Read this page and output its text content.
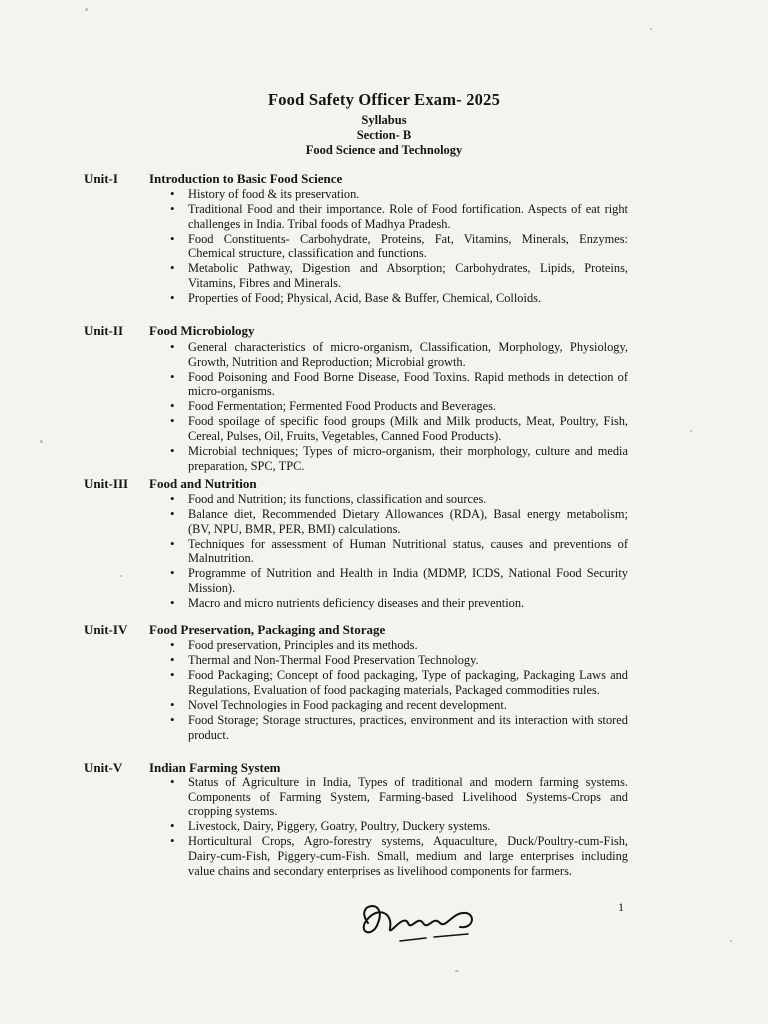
Food Safety Officer Exam- 2025
Syllabus
Section- B
Food Science and Technology
Unit-I Introduction to Basic Food Science
• History of food & its preservation.
• Traditional Food and their importance. Role of Food fortification. Aspects of eat right challenges in India. Tribal foods of Madhya Pradesh.
• Food Constituents- Carbohydrate, Proteins, Fat, Vitamins, Minerals, Enzymes: Chemical structure, classification and functions.
• Metabolic Pathway, Digestion and Absorption; Carbohydrates, Lipids, Proteins, Vitamins, Fibres and Minerals.
• Properties of Food; Physical, Acid, Base & Buffer, Chemical, Colloids.
Unit-II Food Microbiology
• General characteristics of micro-organism, Classification, Morphology, Physiology, Growth, Nutrition and Reproduction; Microbial growth.
• Food Poisoning and Food Borne Disease, Food Toxins. Rapid methods in detection of micro-organisms.
• Food Fermentation; Fermented Food Products and Beverages.
• Food spoilage of specific food groups (Milk and Milk products, Meat, Poultry, Fish, Cereal, Pulses, Oil, Fruits, Vegetables, Canned Food Products).
• Microbial techniques; Types of micro-organism, their morphology, culture and media preparation, SPC, TPC.
Unit-III Food and Nutrition
• Food and Nutrition; its functions, classification and sources.
• Balance diet, Recommended Dietary Allowances (RDA), Basal energy metabolism; (BV, NPU, BMR, PER, BMI) calculations.
• Techniques for assessment of Human Nutritional status, causes and preventions of Malnutrition.
• Programme of Nutrition and Health in India (MDMP, ICDS, National Food Security Mission).
• Macro and micro nutrients deficiency diseases and their prevention.
Unit-IV Food Preservation, Packaging and Storage
• Food preservation, Principles and its methods.
• Thermal and Non-Thermal Food Preservation Technology.
• Food Packaging; Concept of food packaging, Type of packaging, Packaging Laws and Regulations, Evaluation of food packaging materials, Packaged commodities rules.
• Novel Technologies in Food packaging and recent development.
• Food Storage; Storage structures, practices, environment and its interaction with stored product.
Unit-V Indian Farming System
• Status of Agriculture in India, Types of traditional and modern farming systems. Components of Farming System, Farming-based Livelihood Systems-Crops and cropping systems.
• Livestock, Dairy, Piggery, Goatry, Poultry, Duckery systems.
• Horticultural Crops, Agro-forestry systems, Aquaculture, Duck/Poultry-cum-Fish, Dairy-cum-Fish, Piggery-cum-Fish. Small, medium and large enterprises including value chains and secondary enterprises as livelihood components for farmers.
1
